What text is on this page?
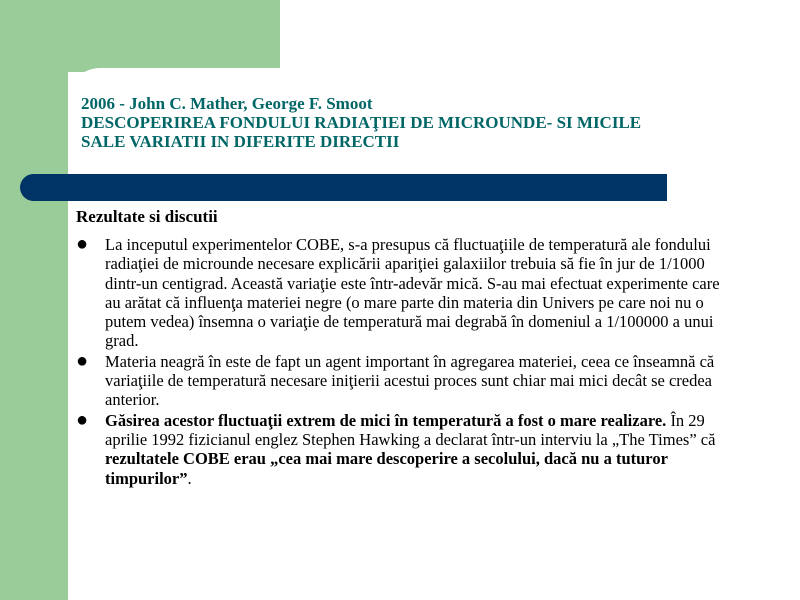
2006 - John C. Mather, George F. Smoot
DESCOPERIREA FONDULUI RADIAŢIEI DE MICROUNDE- SI MICILE
SALE VARIATII IN DIFERITE DIRECTII
Rezultate si discutii
● La inceputul experimentelor COBE, s-a presupus că fluctuaţiile de temperatură ale fondului radiaţiei de microunde necesare explicării apariţiei galaxiilor trebuia să fie în jur de 1/1000 dintr-un centigrad. Această variaţie este într-adevăr mică. S-au mai efectuat experimente care au arătat că influenţa materiei negre (o mare parte din materia din Univers pe care noi nu o putem vedea) însemna o variaţie de temperatură mai degrabă în domeniul a 1/100000 a unui grad.
● Materia neagră în este de fapt un agent important în agregarea materiei, ceea ce înseamnă că variaţiile de temperatură necesare iniţierii acestui proces sunt chiar mai mici decât se credea anterior.
● Găsirea acestor fluctuaţii extrem de mici în temperatură a fost o mare realizare. În 29 aprilie 1992 fizicianul englez Stephen Hawking a declarat într-un interviu la „The Times” că rezultatele COBE erau „cea mai mare descoperire a secolului, dacă nu a tuturor timpurilor”.
